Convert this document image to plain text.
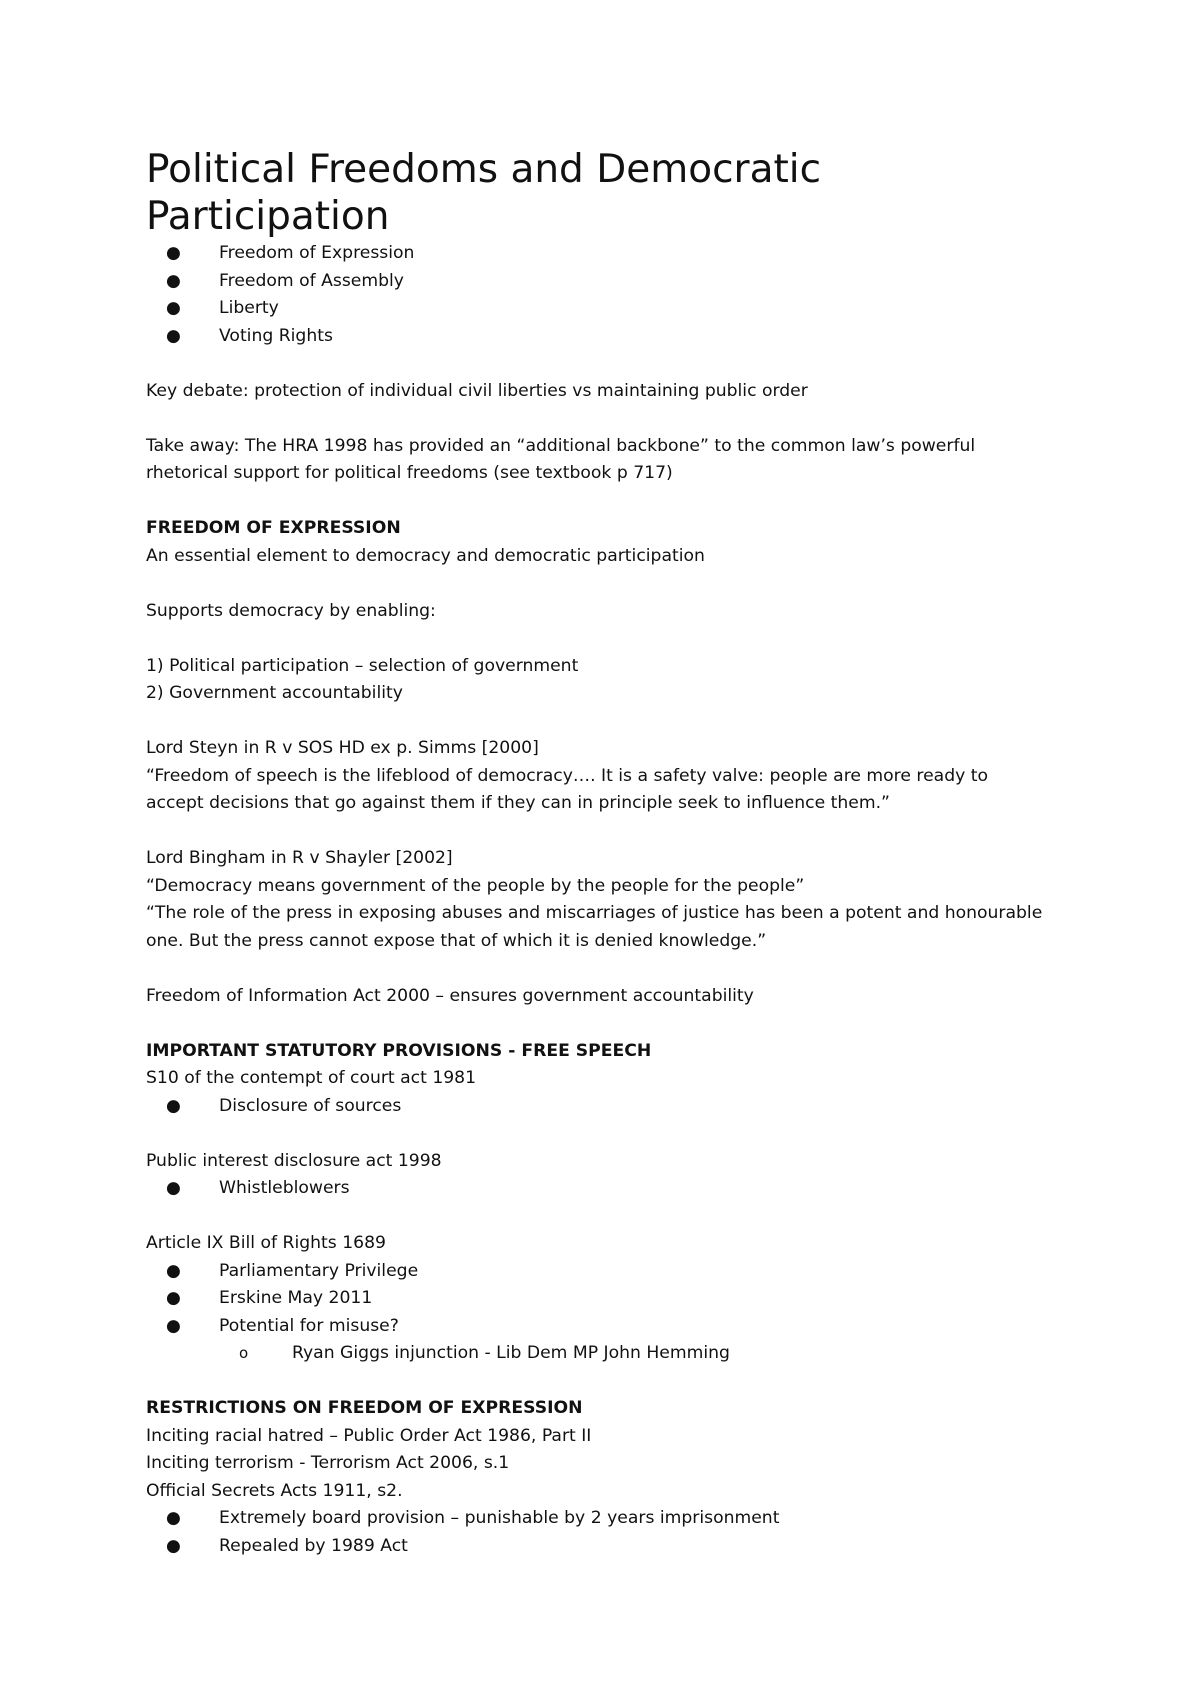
Political Freedoms and Democratic Participation
● Freedom of Expression
● Freedom of Assembly
● Liberty
● Voting Rights

Key debate: protection of individual civil liberties vs maintaining public order

Take away: The HRA 1998 has provided an “additional backbone” to the common law’s powerful rhetorical support for political freedoms (see textbook p 717)

FREEDOM OF EXPRESSION

An essential element to democracy and democratic participation

Supports democracy by enabling:

1) Political participation – selection of government

2) Government accountability

Lord Steyn in R v SOS HD ex p. Simms [2000]

“Freedom of speech is the lifeblood of democracy…. It is a safety valve: people are more ready to accept decisions that go against them if they can in principle seek to influence them.”

Lord Bingham in R v Shayler [2002]

“Democracy means government of the people by the people for the people”

“The role of the press in exposing abuses and miscarriages of justice has been a potent and honourable one. But the press cannot expose that of which it is denied knowledge.”

Freedom of Information Act 2000 – ensures government accountability

IMPORTANT STATUTORY PROVISIONS - FREE SPEECH

S10 of the contempt of court act 1981

● Disclosure of sources

Public interest disclosure act 1998

● Whistleblowers

Article IX Bill of Rights 1689

● Parliamentary Privilege
● Erskine May 2011
● Potential for misuse?
o	Ryan Giggs injunction - Lib Dem MP John Hemming

RESTRICTIONS ON FREEDOM OF EXPRESSION

Inciting racial hatred – Public Order Act 1986, Part II

Inciting terrorism - Terrorism Act 2006, s.1

Official Secrets Acts 1911, s2.

● Extremely board provision – punishable by 2 years imprisonment
● Repealed by 1989 Act
